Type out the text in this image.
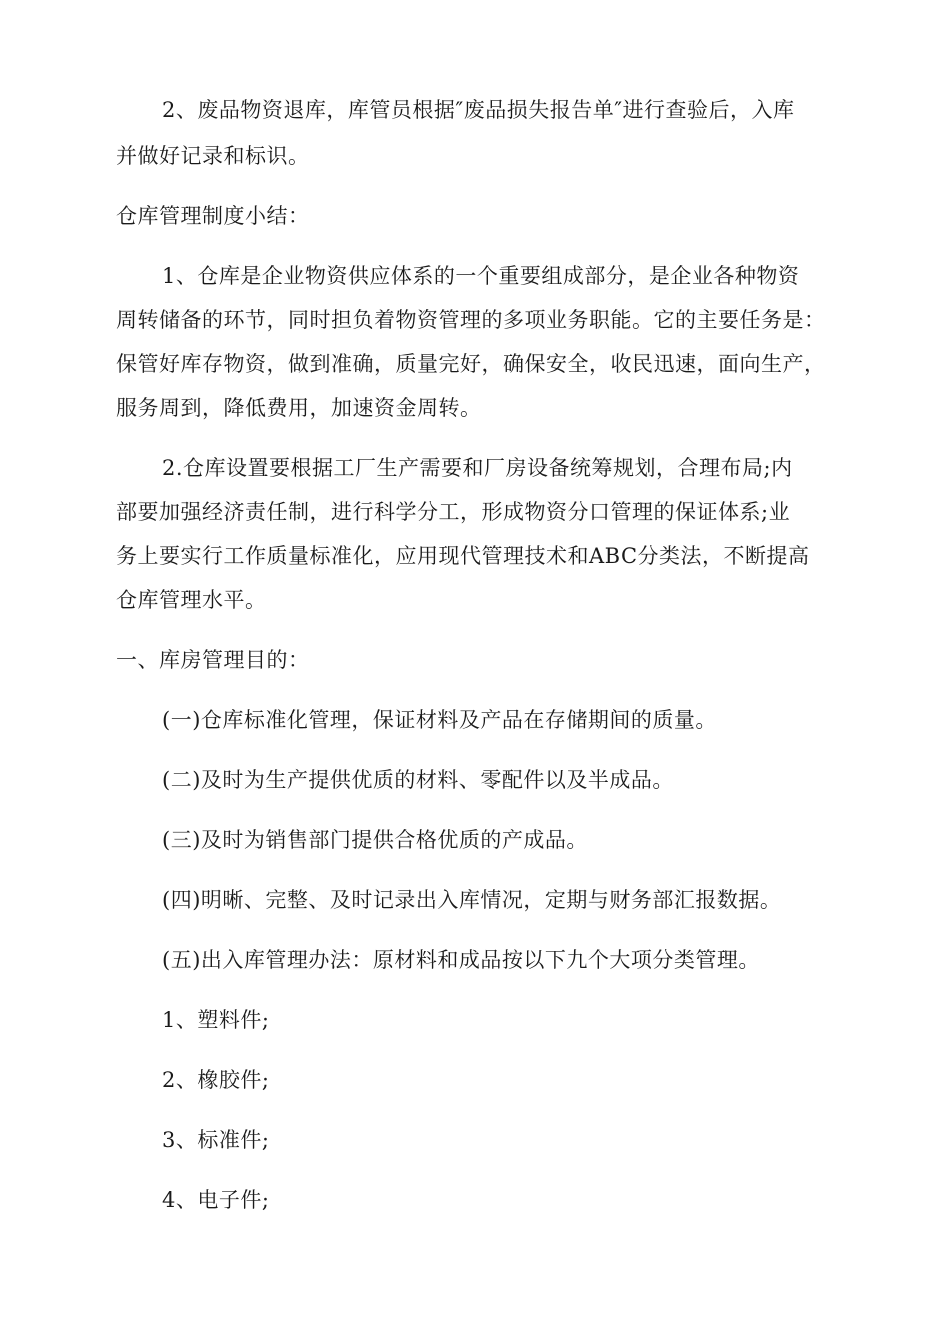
2、废品物资退库，库管员根据″废品损失报告单″进行查验后，入库
并做好记录和标识。
仓库管理制度小结：
1、仓库是企业物资供应体系的一个重要组成部分，是企业各种物资
周转储备的环节，同时担负着物资管理的多项业务职能。它的主要任务是：
保管好库存物资，做到准确，质量完好，确保安全，收民迅速，面向生产，
服务周到，降低费用，加速资金周转。
2.仓库设置要根据工厂生产需要和厂房设备统筹规划，合理布局;内
部要加强经济责任制，进行科学分工，形成物资分口管理的保证体系;业
务上要实行工作质量标准化，应用现代管理技术和ABC分类法，不断提高
仓库管理水平。
一、库房管理目的：
(一)仓库标准化管理，保证材料及产品在存储期间的质量。
(二)及时为生产提供优质的材料、零配件以及半成品。
(三)及时为销售部门提供合格优质的产成品。
(四)明晰、完整、及时记录出入库情况，定期与财务部汇报数据。
(五)出入库管理办法：原材料和成品按以下九个大项分类管理。
1、塑料件;
2、橡胶件;
3、标准件;
4、电子件;
